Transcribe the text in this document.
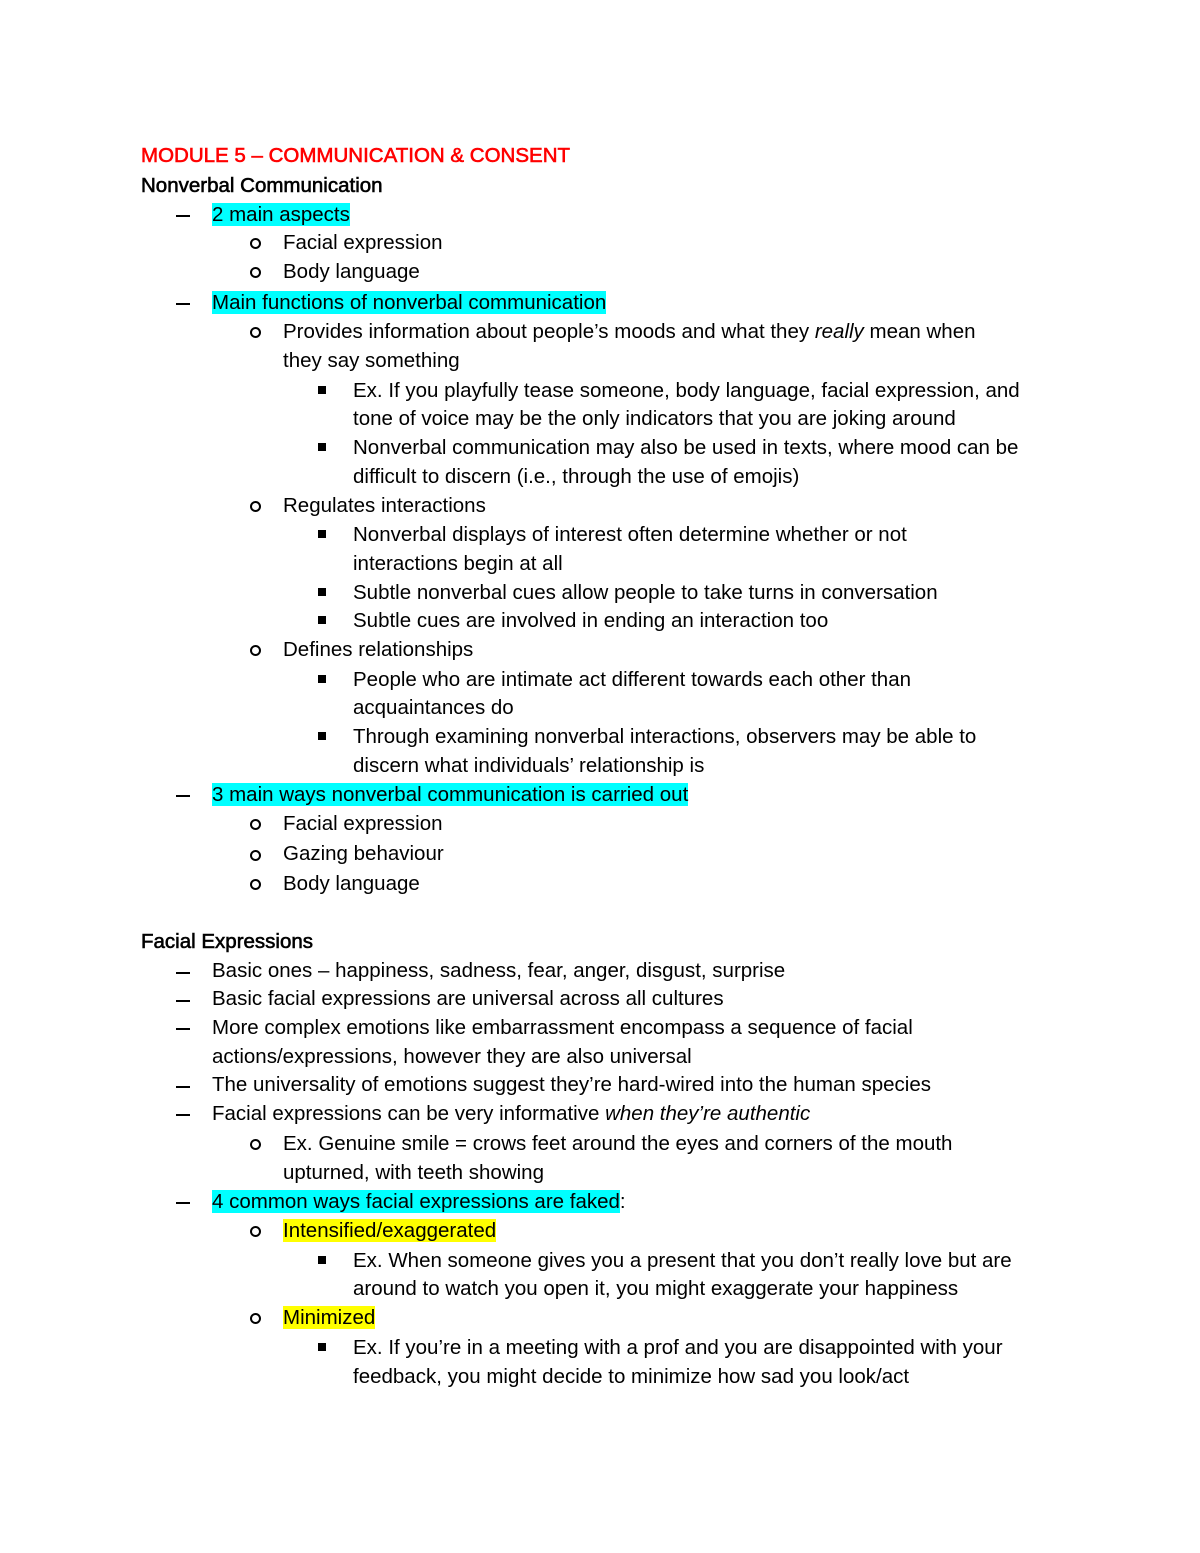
MODULE 5 – COMMUNICATION & CONSENT
Nonverbal Communication
2 main aspects
Facial expression
Body language
Main functions of nonverbal communication
Provides information about people’s moods and what they really mean when
they say something
Ex. If you playfully tease someone, body language, facial expression, and
tone of voice may be the only indicators that you are joking around
Nonverbal communication may also be used in texts, where mood can be
difficult to discern (i.e., through the use of emojis)
Regulates interactions
Nonverbal displays of interest often determine whether or not
interactions begin at all
Subtle nonverbal cues allow people to take turns in conversation
Subtle cues are involved in ending an interaction too
Defines relationships
People who are intimate act different towards each other than
acquaintances do
Through examining nonverbal interactions, observers may be able to
discern what individuals’ relationship is
3 main ways nonverbal communication is carried out
Facial expression
Gazing behaviour
Body language
Facial Expressions
Basic ones – happiness, sadness, fear, anger, disgust, surprise
Basic facial expressions are universal across all cultures
More complex emotions like embarrassment encompass a sequence of facial
actions/expressions, however they are also universal
The universality of emotions suggest they’re hard-wired into the human species
Facial expressions can be very informative when they’re authentic
Ex. Genuine smile = crows feet around the eyes and corners of the mouth
upturned, with teeth showing
4 common ways facial expressions are faked:
Intensified/exaggerated
Ex. When someone gives you a present that you don’t really love but are
around to watch you open it, you might exaggerate your happiness
Minimized
Ex. If you’re in a meeting with a prof and you are disappointed with your
feedback, you might decide to minimize how sad you look/act
